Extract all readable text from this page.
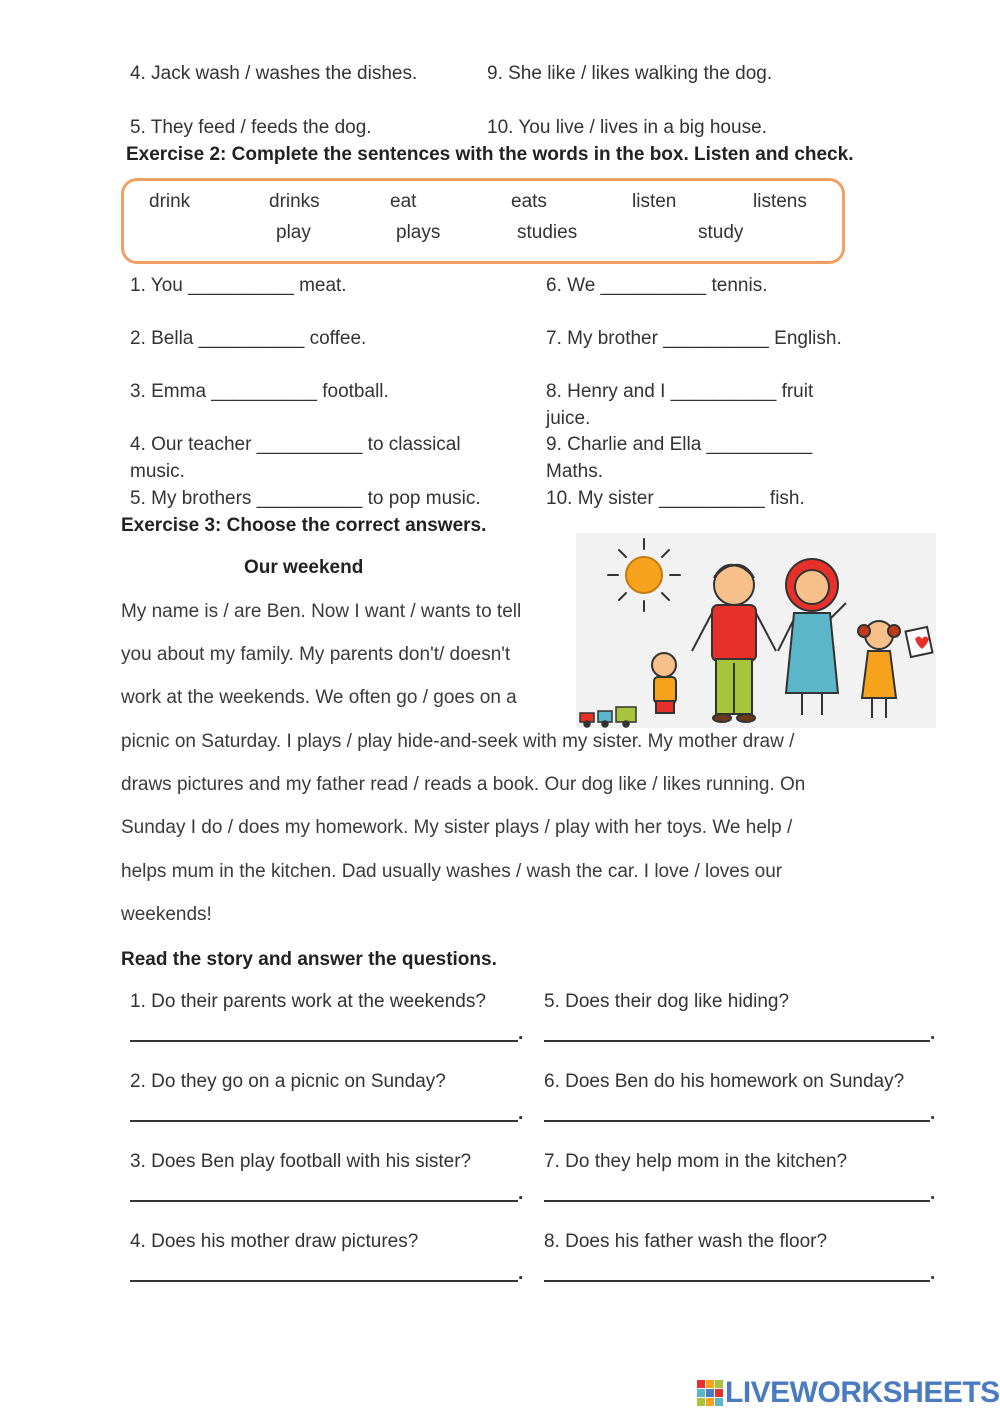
4. Jack wash / washes the dishes.	9. She like / likes walking the dog.
5. They feed / feeds the dog.	10. You live / lives in a big house.
Exercise 2: Complete the sentences with the words in the box. Listen and check.
drink	drinks	eat	eats	listen	listens
play	plays	studies	study
1. You __________ meat.
2. Bella __________ coffee.
3. Emma __________ football.
4. Our teacher __________ to classical
music.
5. My brothers __________ to pop music.
6. We __________ tennis.
7. My brother __________ English.
8. Henry and I __________ fruit
juice.
9. Charlie and Ella __________
Maths.
10. My sister __________ fish.
Exercise 3: Choose the correct answers.
Our weekend
My name is / are Ben. Now I want / wants to tell
you about my family. My parents don't/ doesn't
work at the weekends. We often go / goes on a
picnic on Saturday. I plays / play hide-and-seek with my sister. My mother draw /
draws pictures and my father read / reads a book. Our dog like / likes running. On
Sunday I do / does my homework. My sister plays / play with her toys. We help /
helps mum in the kitchen. Dad usually washes / wash the car. I love / loves our
weekends!
Read the story and answer the questions.
1. Do their parents work at the weekends?
.
2. Do they go on a picnic on Sunday?
.
3. Does Ben play football with his sister?
.
4. Does his mother draw pictures?
.
5. Does their dog like hiding?
.
6. Does Ben do his homework on Sunday?
.
7. Do they help mom in the kitchen?
.
8. Does his father wash the floor?
.
LIVEWORKSHEETS
